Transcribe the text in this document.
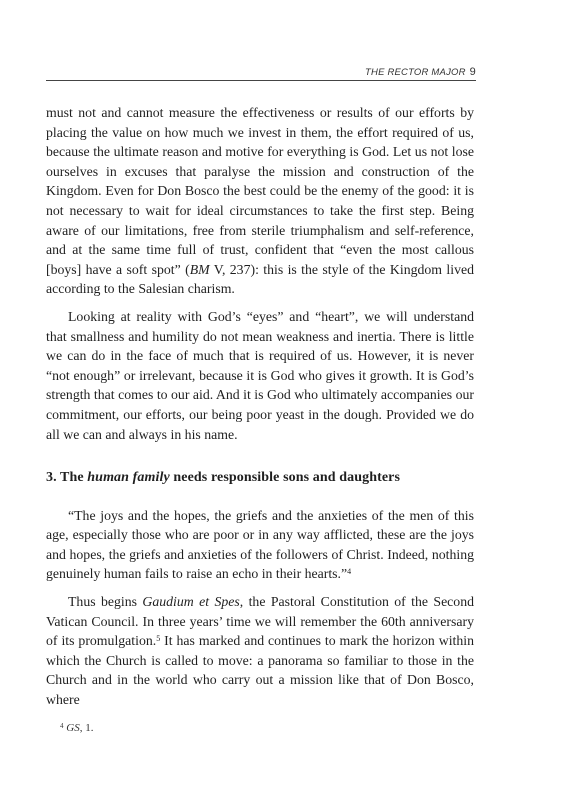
THE RECTOR MAJOR 9

must not and cannot measure the effectiveness or results of our efforts by placing the value on how much we invest in them, the effort required of us, because the ultimate reason and motive for everything is God. Let us not lose ourselves in excuses that paralyse the mission and construction of the Kingdom. Even for Don Bosco the best could be the enemy of the good: it is not necessary to wait for ideal circumstances to take the first step. Being aware of our limitations, free from sterile triumphalism and self-reference, and at the same time full of trust, confident that “even the most callous [boys] have a soft spot” (BM V, 237): this is the style of the Kingdom lived according to the Salesian charism.

Looking at reality with God’s “eyes” and “heart”, we will understand that smallness and humility do not mean weakness and inertia. There is little we can do in the face of much that is required of us. However, it is never “not enough” or irrelevant, because it is God who gives it growth. It is God’s strength that comes to our aid. And it is God who ultimately accompanies our commitment, our efforts, our being poor yeast in the dough. Provided we do all we can and always in his name.

3. The human family needs responsible sons and daughters

“The joys and the hopes, the griefs and the anxieties of the men of this age, especially those who are poor or in any way afflicted, these are the joys and hopes, the griefs and anxieties of the followers of Christ. Indeed, nothing genuinely human fails to raise an echo in their hearts.”$^4$

Thus begins Gaudium et Spes, the Pastoral Constitution of the Second Vatican Council. In three years’ time we will remember the 60th anniversary of its promulgation.$^5$ It has marked and continues to mark the horizon within which the Church is called to move: a panorama so familiar to those in the Church and in the world who carry out a mission like that of Don Bosco, where

$^4$ GS, 1.
